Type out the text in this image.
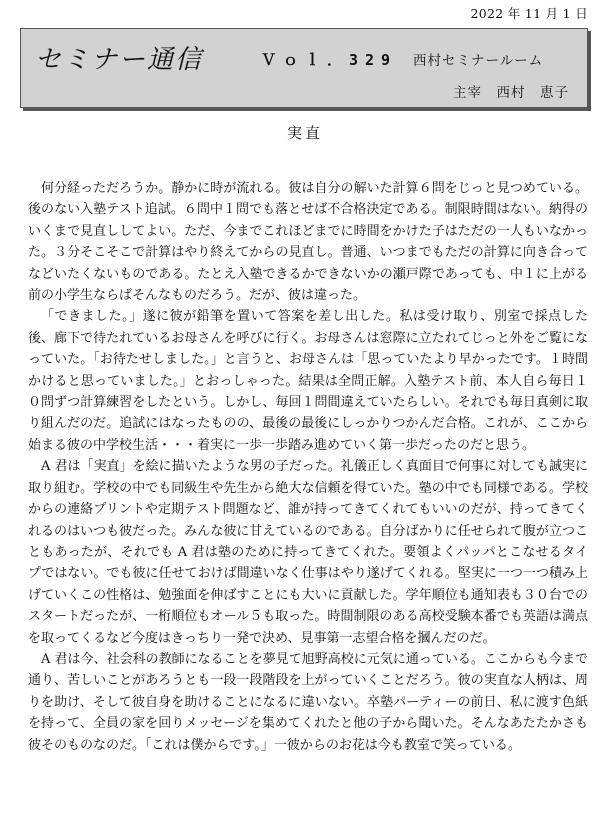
2022 年 11 月 1 日
セミナー通信	Ｖｏｌ．329 西村セミナールーム
主宰　西村　恵子
実直

何分経っただろうか。静かに時が流れる。彼は自分の解いた計算６問をじっと見つめている。後のない入塾テスト追試。６問中１問でも落とせば不合格決定である。制限時間はない。納得のいくまで見直ししてよい。ただ、今までこれほどまでに時間をかけた子はただの一人もいなかった。３分そこそこで計算はやり終えてからの見直し。普通、いつまでもただの計算に向き合ってなどいたくないものである。たとえ入塾できるかできないかの瀬戸際であっても、中１に上がる前の小学生ならばそんなものだろう。だが、彼は違った。

「できました。」遂に彼が鉛筆を置いて答案を差し出した。私は受け取り、別室で採点した後、廊下で待たれているお母さんを呼びに行く。お母さんは窓際に立たれてじっと外をご覧になっていた。「お待たせしました。」と言うと、お母さんは「思っていたより早かったです。１時間かけると思っていました。」とおっしゃった。結果は全問正解。入塾テスト前、本人自ら毎日１０問ずつ計算練習をしたという。しかし、毎回１問間違えていたらしい。それでも毎日真剣に取り組んだのだ。追試にはなったものの、最後の最後にしっかりつかんだ合格。これが、ここから始まる彼の中学校生活・・・着実に一歩一歩踏み進めていく第一歩だったのだと思う。

A 君は「実直」を絵に描いたような男の子だった。礼儀正しく真面目で何事に対しても誠実に取り組む。学校の中でも同級生や先生から絶大な信頼を得ていた。塾の中でも同様である。学校からの連絡プリントや定期テスト問題など、誰が持ってきてくれてもいいのだが、持ってきてくれるのはいつも彼だった。みんな彼に甘えているのである。自分ばかりに任せられて腹が立つこともあったが、それでも A 君は塾のために持ってきてくれた。要領よくパッパとこなせるタイプではない。でも彼に任せておけば間違いなく仕事はやり遂げてくれる。堅実に一つ一つ積み上げていくこの性格は、勉強面を伸ばすことにも大いに貢献した。学年順位も通知表も３０台でのスタートだったが、一桁順位もオール５も取った。時間制限のある高校受験本番でも英語は満点を取ってくるなど今度はきっちり一発で決め、見事第一志望合格を摑んだのだ。

A 君は今、社会科の教師になることを夢見て旭野高校に元気に通っている。ここからも今まで通り、苦しいことがあろうとも一段一段階段を上がっていくことだろう。彼の実直な人柄は、周りを助け、そして彼自身を助けることになるに違いない。卒塾パーティーの前日、私に渡す色紙を持って、全員の家を回りメッセージを集めてくれたと他の子から聞いた。そんなあたたかさも彼そのものなのだ。「これは僕からです。」一彼からのお花は今も教室で笑っている。
